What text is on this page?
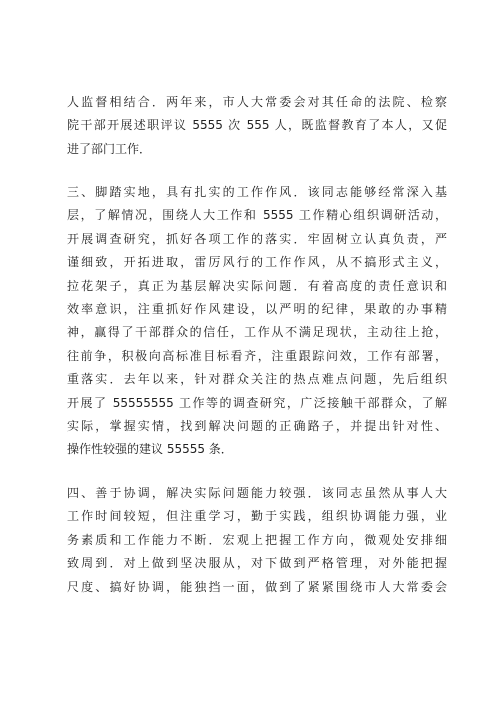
人监督相结合．两年来，市人大常委会对其任命的法院、检察
院干部开展述职评议 5555 次 555 人，既监督教育了本人，又促
进了部门工作．

三、脚踏实地，具有扎实的工作作风．该同志能够经常深入基
层，了解情况，围绕人大工作和 5555 工作精心组织调研活动，
开展调查研究，抓好各项工作的落实．牢固树立认真负责，严
谨细致，开拓进取，雷厉风行的工作作风，从不搞形式主义，
拉花架子，真正为基层解决实际问题．有着高度的责任意识和
效率意识，注重抓好作风建设，以严明的纪律，果敢的办事精
神，赢得了干部群众的信任，工作从不满足现状，主动往上抢，
往前争，积极向高标准目标看齐，注重跟踪问效，工作有部署，
重落实．去年以来，针对群众关注的热点难点问题，先后组织
开展了 55555555 工作等的调查研究，广泛接触干部群众，了解
实际，掌握实情，找到解决问题的正确路子，并提出针对性、
操作性较强的建议 55555 条．

四、善于协调，解决实际问题能力较强．该同志虽然从事人大
工作时间较短，但注重学习，勤于实践，组织协调能力强，业
务素质和工作能力不断．宏观上把握工作方向，微观处安排细
致周到．对上做到坚决服从，对下做到严格管理，对外能把握
尺度、搞好协调，能独挡一面，做到了紧紧围绕市人大常委会
